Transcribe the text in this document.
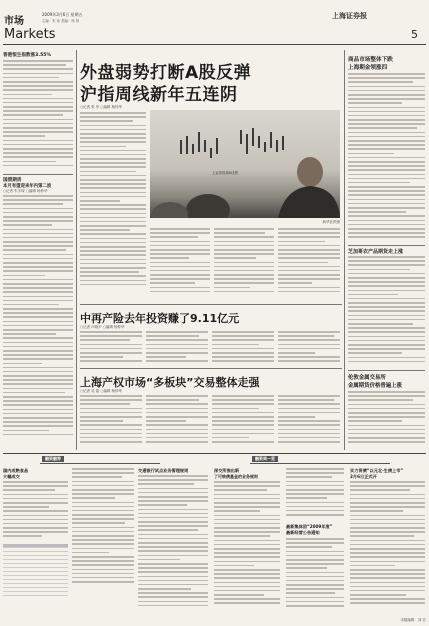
市场
2009年3月6日 星期五
主编：朱 伟 美编：杨 琪
Markets
上海证券报
5
香港恒生指数涨3.55%
国债期货
本月有望迎来年内第二波
○记者 朱宇琛 ○编辑 杨仲华
外盘弱势打断A股反弹
沪指周线新年五连阴
○记者 张 华 ○编辑 杨仲华
上证综指周K线图
新华社供图
商品市场整体下跌
上海期金领涨四
芝加哥农产品期货走上涨
伦敦金属交易所
金属期货价格普遍上涨
中再产险去年投资赚了9.11亿元
○记者 卢晓平 ○编辑 杨仲华
上海产权市场“多板块”交易整体走强
○记者 吴 铭 ○编辑 杨仲华
融资融券	融资周一览
国内成熟食品
大幅成交

交通银行试点业务管理规则	深交所推出新
了可转债基金的业务规则
最新集体回“2009年度”
最新经营公告通知
实力背债“以元北·生债上市”
2月6日正式开
本版编辑：刘 宏
